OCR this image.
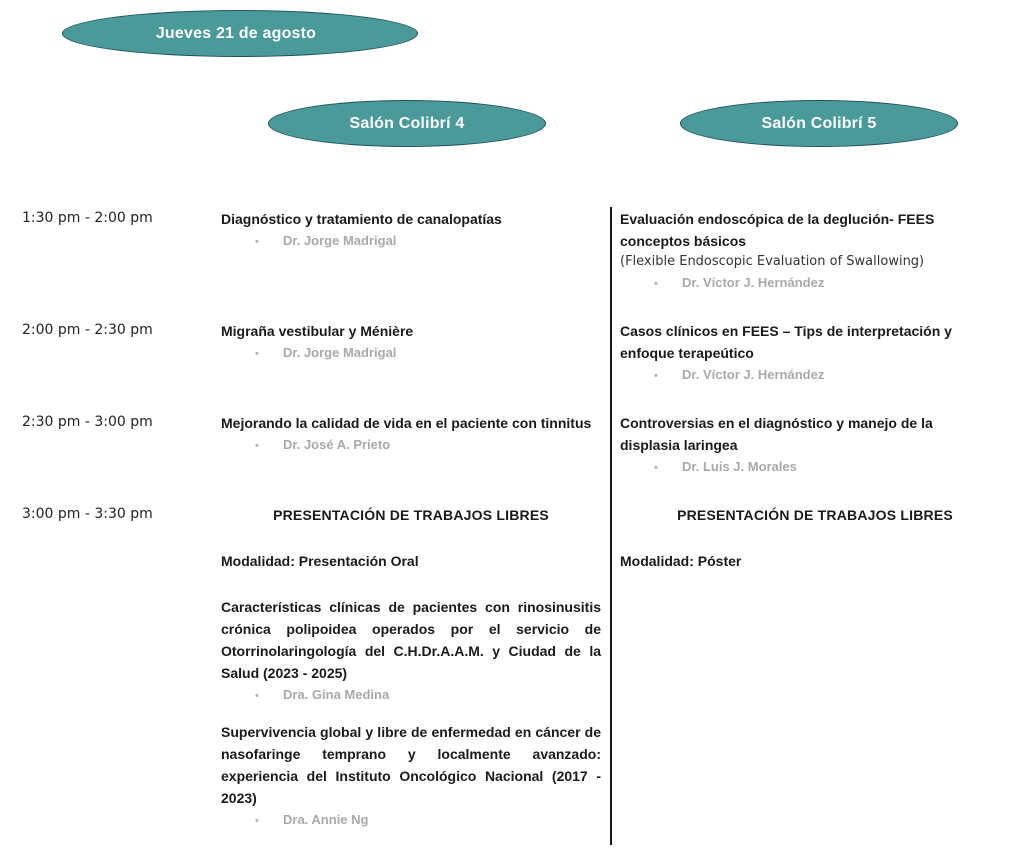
Jueves 21 de agosto
Salón Colibrí 4	Salón Colibrí 5
1:30 pm - 2:00 pm
2:00 pm - 2:30 pm
2:30 pm - 3:00 pm
3:00 pm - 3:30 pm
Diagnóstico y tratamiento de canalopatías
• Dr. Jorge Madrigal
Migraña vestibular y Ménière
• Dr. Jorge Madrigal
Mejorando la calidad de vida en el paciente con tinnitus
• Dr. José A. Prieto
PRESENTACIÓN DE TRABAJOS LIBRES
Modalidad: Presentación Oral
Características clínicas de pacientes con rinosinusitis crónica polipoidea operados por el servicio de Otorrinolaringología del C.H.Dr.A.A.M. y Ciudad de la Salud (2023 - 2025)
• Dra. Gina Medina
Supervivencia global y libre de enfermedad en cáncer de nasofaringe temprano y localmente avanzado: experiencia del Instituto Oncológico Nacional (2017 - 2023)
• Dra. Annie Ng
Evaluación endoscópica de la deglución- FEES conceptos básicos
(Flexible Endoscopic Evaluation of Swallowing)
• Dr. Víctor J. Hernández
Casos clínicos en FEES – Tips de interpretación y enfoque terapeútico
• Dr. Víctor J. Hernández
Controversias en el diagnóstico y manejo de la displasia laringea
• Dr. Luis J. Morales
PRESENTACIÓN DE TRABAJOS LIBRES
Modalidad: Póster
